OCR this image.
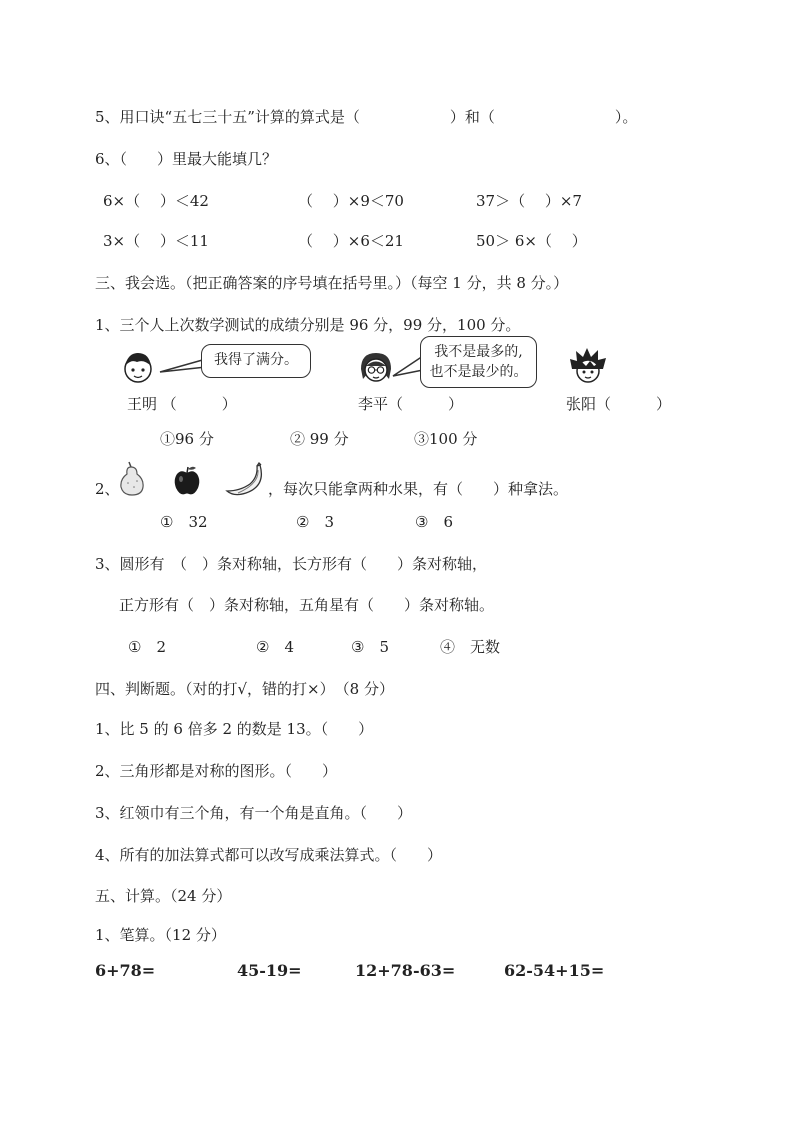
5、用口诀“五七三十五”计算的算式是（　　　　　　）和（　　　　　　　　）。
6、（　　）里最大能填几？
6×（　 ）＜42	（　 ）×9＜70	37＞（　 ）×7
3×（　 ）＜11	（　 ）×6＜21	50＞ 6×（　 ）
三、我会选。（把正确答案的序号填在括号里。）（每空 1 分，共 8 分。）
1、三个人上次数学测试的成绩分别是 96 分，99 分，100 分。
我得了满分。	我不是最多的,
也不是最少的。
王明 （　　　）	李平（　　　）	张阳（　　　）
①96 分	② 99 分	③100 分
2、	，每次只能拿两种水果，有（　　）种拿法。
①　32	②　3	③　6
3、圆形有　（　）条对称轴，长方形有（　　）条对称轴，
正方形有（　）条对称轴，五角星有（　　）条对称轴。
①　2	②　4	③　5	④　无数
四、判断题。（对的打√，错的打×）　（8 分）
1、比 5 的 6 倍多 2 的数是 13。（　　）
2、三角形都是对称的图形。（　　）
3、红领巾有三个角，有一个角是直角。（　　）
4、所有的加法算式都可以改写成乘法算式。（　　）
五、计算。（24 分）
1、笔算。（12 分）
6+78=	45-19=	12+78-63=	62-54+15=
